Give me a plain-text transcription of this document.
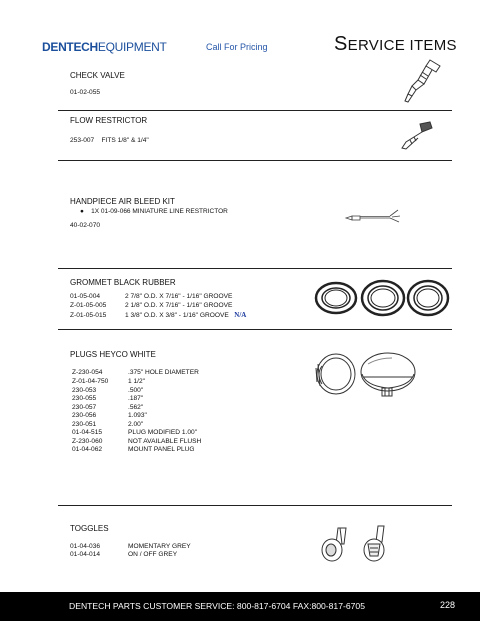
DENTECHEQUIPMENT	Call For Pricing	SERVICE ITEMS
CHECK VALVE
01-02-055
FLOW RESTRICTOR
253-007 FITS 1/8" & 1/4"
HANDPIECE AIR BLEED KIT
●    1X 01-09-066 MINIATURE LINE RESTRICTOR
40-02-070
GROMMET BLACK RUBBER
01-05-004	2 7/8" O.D. X 7/16" - 1/16" GROOVE
Z-01-05-005	2 1/8" O.D. X 7/16" - 1/16" GROOVE
Z-01-05-015	1 3/8" O.D. X 3/8" - 1/16" GROOVE N/A
PLUGS HEYCO WHITE
Z-230-054	.375" HOLE DIAMETER
Z-01-04-750	1 1/2"
230-053	.500"
230-055	.187"
230-057	.562"
230-056	1.093"
230-051	2.00"
01-04-515	PLUG MODIFIED 1.00"
Z-230-060	NOT AVAILABLE FLUSH
01-04-062	MOUNT PANEL PLUG
TOGGLES
01-04-036	MOMENTARY GREY
01-04-014	ON / OFF GREY
DENTECH PARTS CUSTOMER SERVICE: 800-817-6704 FAX:800-817-6705	228
